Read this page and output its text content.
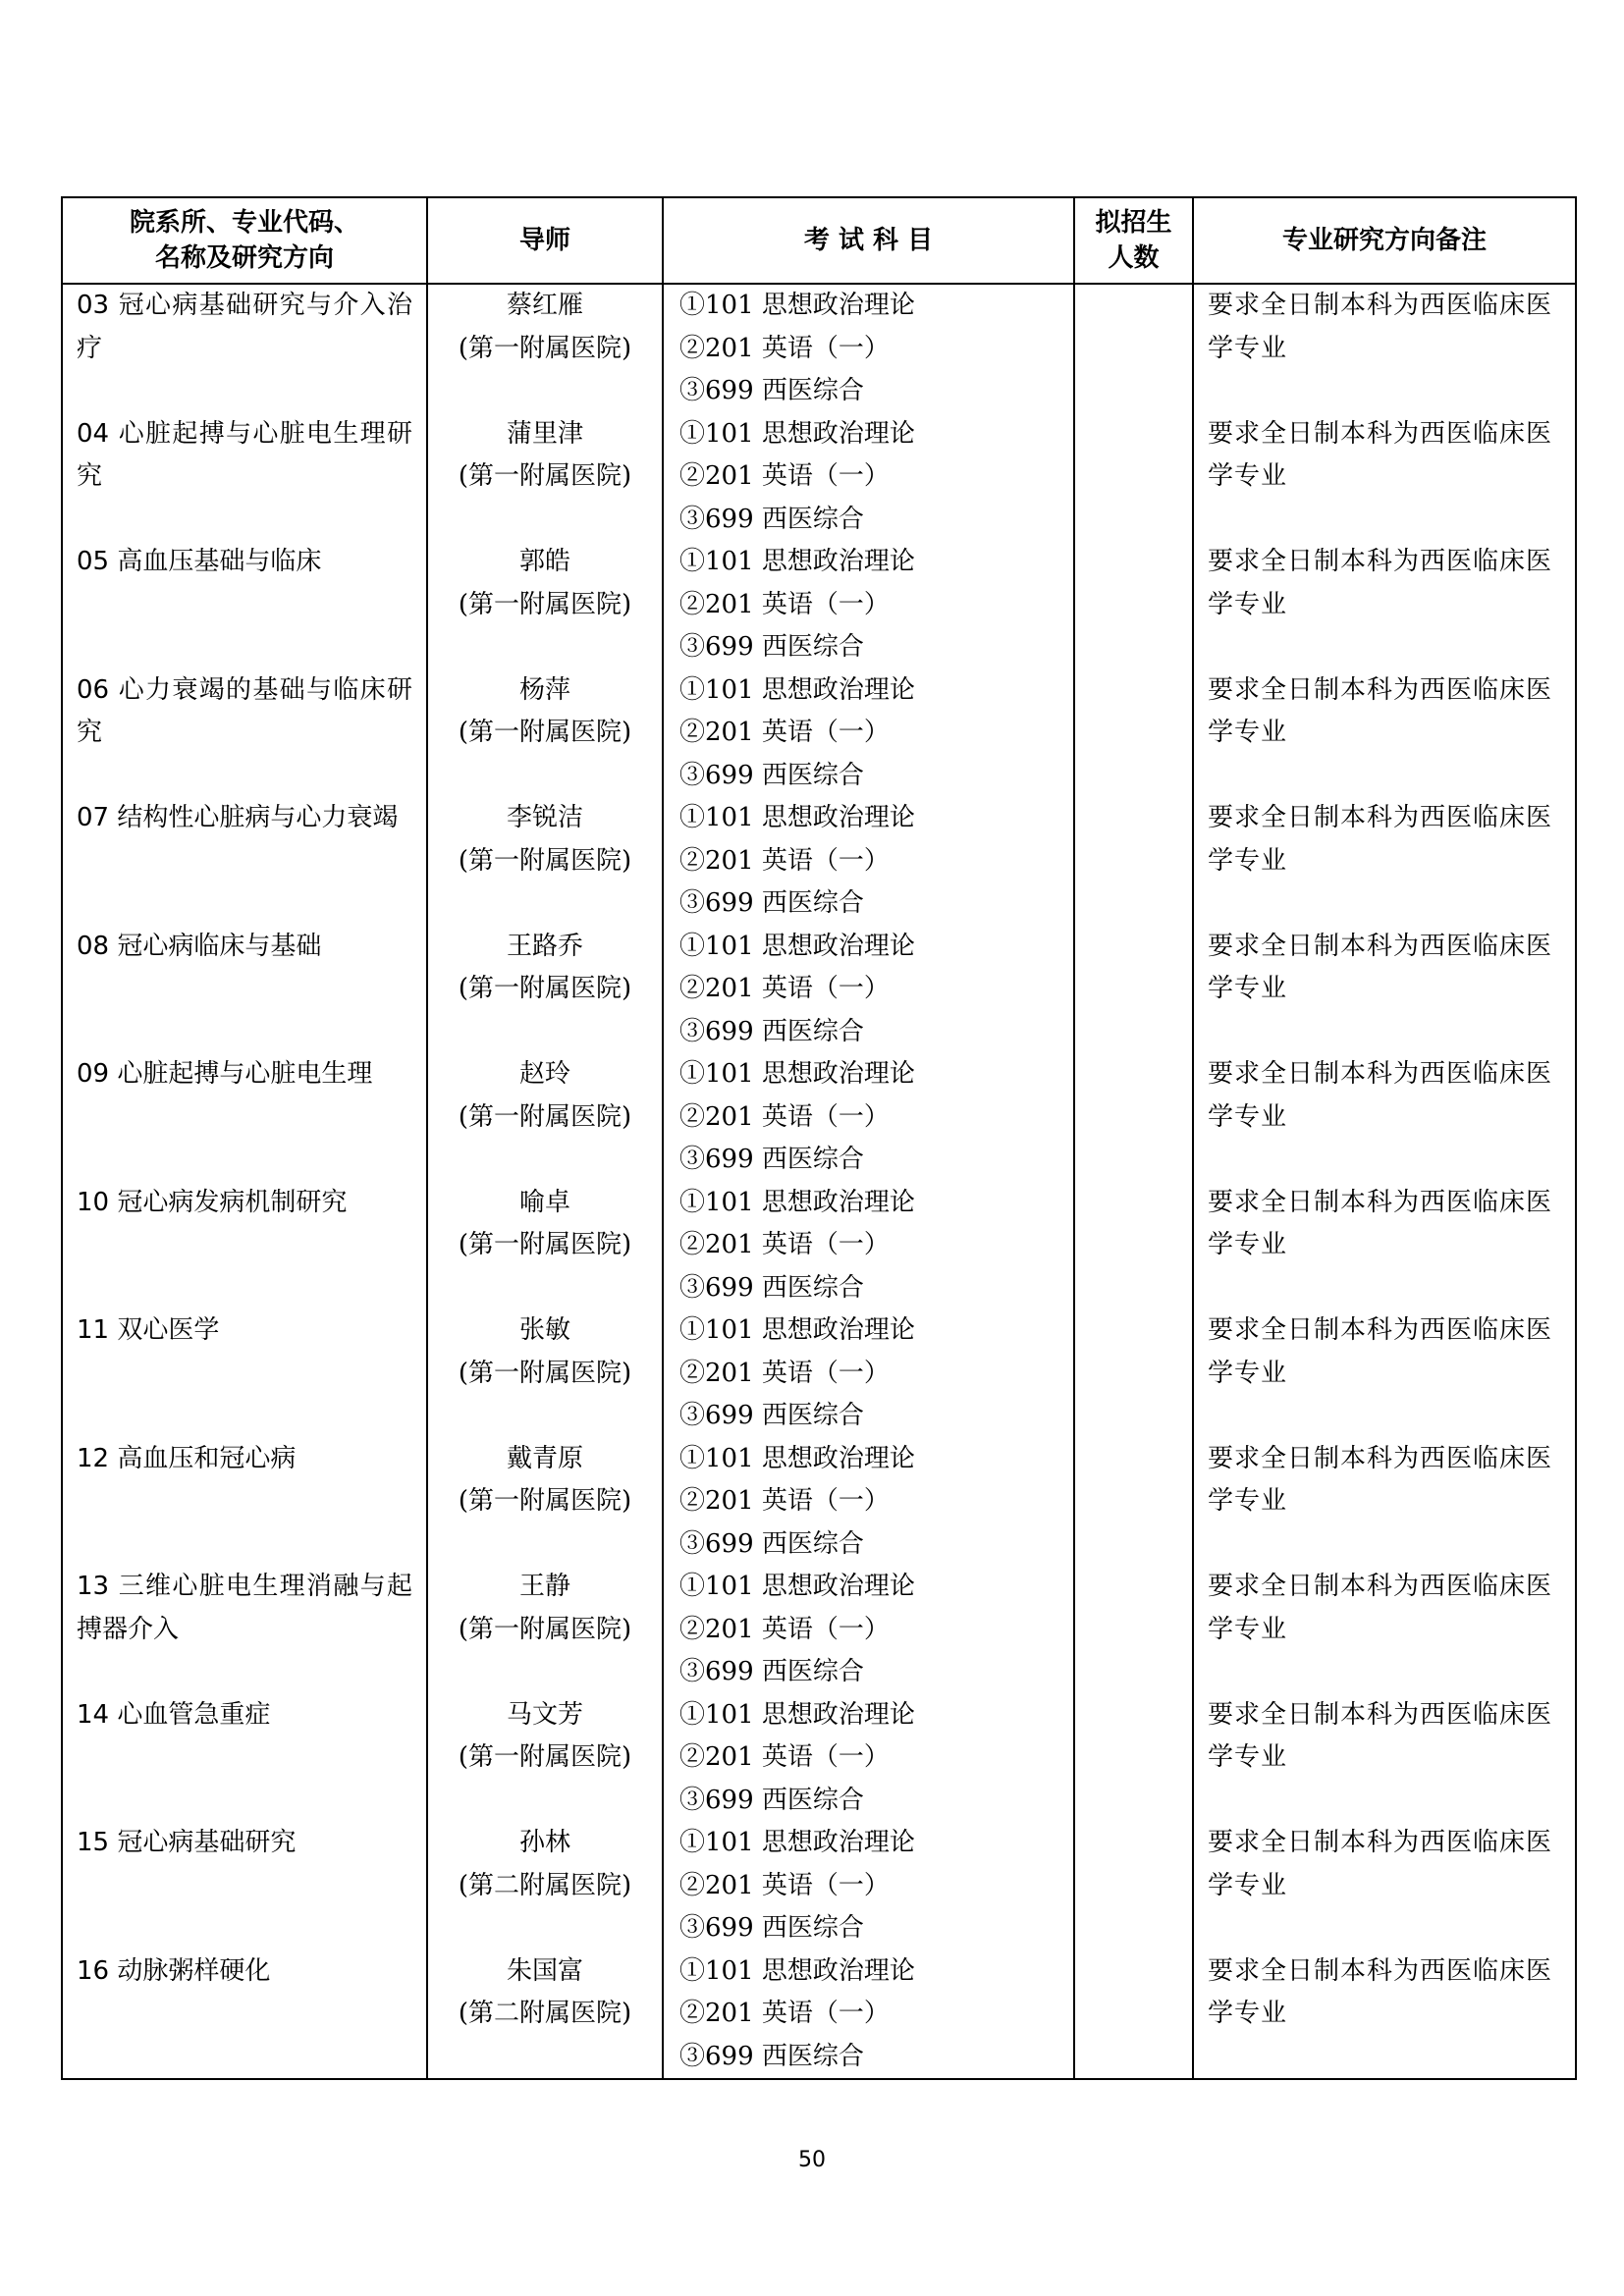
院系所、专业代码、
名称及研究方向	导师	考 试 科 目	拟招生
人数	专业研究方向备注
03 冠心病基础研究与介入治疗	蔡红雁
(第一附属医院)	①101 思想政治理论
②201 英语（一）
③699 西医综合		要求全日制本科为西医临床医学专业
04 心脏起搏与心脏电生理研究	蒲里津
(第一附属医院)	①101 思想政治理论
②201 英语（一）
③699 西医综合		要求全日制本科为西医临床医学专业
05 高血压基础与临床	郭皓
(第一附属医院)	①101 思想政治理论
②201 英语（一）
③699 西医综合		要求全日制本科为西医临床医学专业
06 心力衰竭的基础与临床研究	杨萍
(第一附属医院)	①101 思想政治理论
②201 英语（一）
③699 西医综合		要求全日制本科为西医临床医学专业
07 结构性心脏病与心力衰竭	李锐洁
(第一附属医院)	①101 思想政治理论
②201 英语（一）
③699 西医综合		要求全日制本科为西医临床医学专业
08 冠心病临床与基础	王路乔
(第一附属医院)	①101 思想政治理论
②201 英语（一）
③699 西医综合		要求全日制本科为西医临床医学专业
09 心脏起搏与心脏电生理	赵玲
(第一附属医院)	①101 思想政治理论
②201 英语（一）
③699 西医综合		要求全日制本科为西医临床医学专业
10 冠心病发病机制研究	喻卓
(第一附属医院)	①101 思想政治理论
②201 英语（一）
③699 西医综合		要求全日制本科为西医临床医学专业
11 双心医学	张敏
(第一附属医院)	①101 思想政治理论
②201 英语（一）
③699 西医综合		要求全日制本科为西医临床医学专业
12 高血压和冠心病	戴青原
(第一附属医院)	①101 思想政治理论
②201 英语（一）
③699 西医综合		要求全日制本科为西医临床医学专业
13 三维心脏电生理消融与起搏器介入	王静
(第一附属医院)	①101 思想政治理论
②201 英语（一）
③699 西医综合		要求全日制本科为西医临床医学专业
14 心血管急重症	马文芳
(第一附属医院)	①101 思想政治理论
②201 英语（一）
③699 西医综合		要求全日制本科为西医临床医学专业
15 冠心病基础研究	孙林
(第二附属医院)	①101 思想政治理论
②201 英语（一）
③699 西医综合		要求全日制本科为西医临床医学专业
16 动脉粥样硬化	朱国富
(第二附属医院)	①101 思想政治理论
②201 英语（一）
③699 西医综合		要求全日制本科为西医临床医学专业
50
